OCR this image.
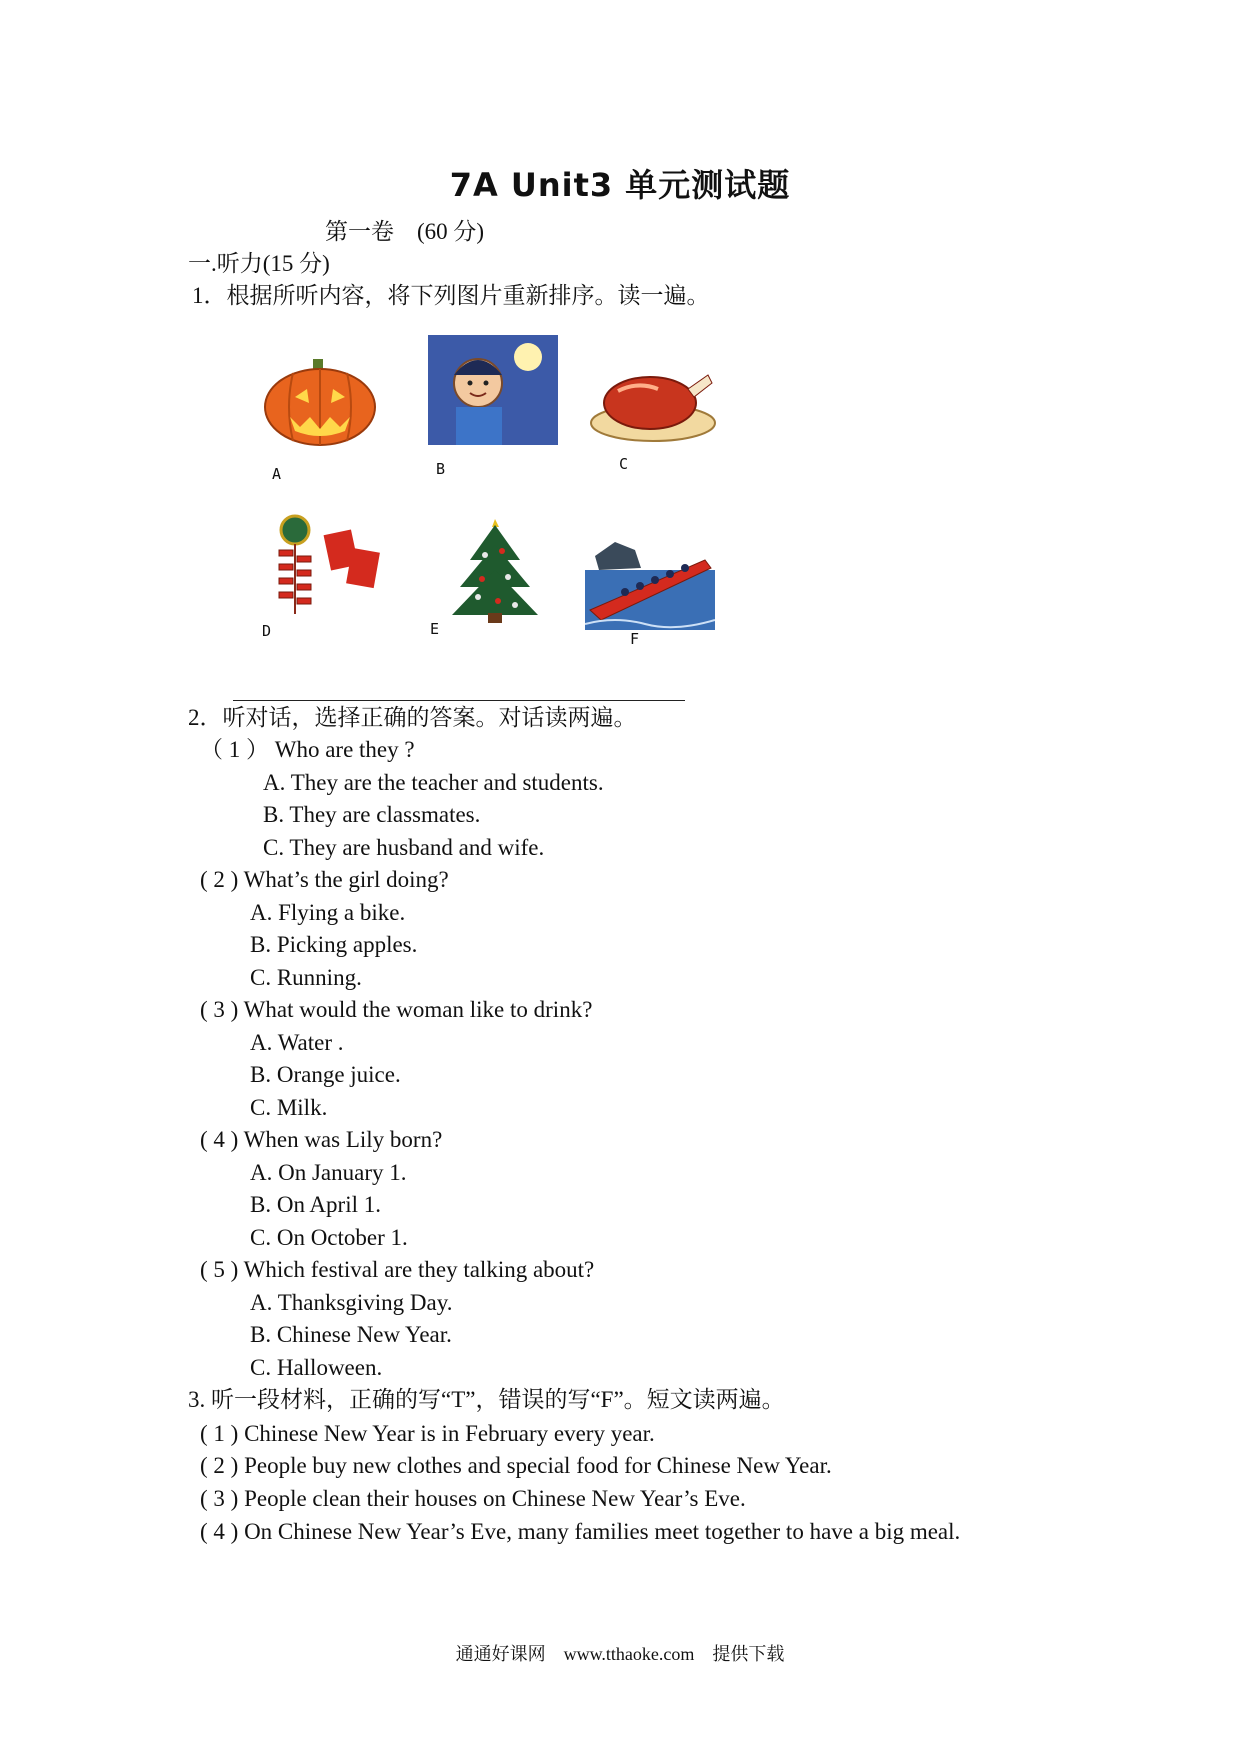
7A Unit3 单元测试题
第一卷　(60 分)
一.听力(15 分)
1．根据所听内容，将下列图片重新排序。读一遍。
A	B	C
D	E
F
2．听对话，选择正确的答案。对话读两遍。
（ 1 ） Who are they ?
A. They are the teacher and students.
B. They are classmates.
C. They are husband and wife.
( 2 ) What’s the girl doing?
A. Flying a bike.
B. Picking apples.
C. Running.
( 3 ) What would the woman like to drink?
A. Water .
B. Orange juice.
C. Milk.
( 4 ) When was Lily born?
A. On January 1.
B. On April 1.
C. On October 1.
( 5 ) Which festival are they talking about?
A. Thanksgiving Day.
B. Chinese New Year.
C. Halloween.
3. 听一段材料，正确的写“T”，错误的写“F”。短文读两遍。
( 1 ) Chinese New Year is in February every year.
( 2 ) People buy new clothes and special food for Chinese New Year.
( 3 ) People clean their houses on Chinese New Year’s Eve.
( 4 ) On Chinese New Year’s Eve, many families meet together to have a big meal.
通通好课网　www.tthaoke.com　提供下载
